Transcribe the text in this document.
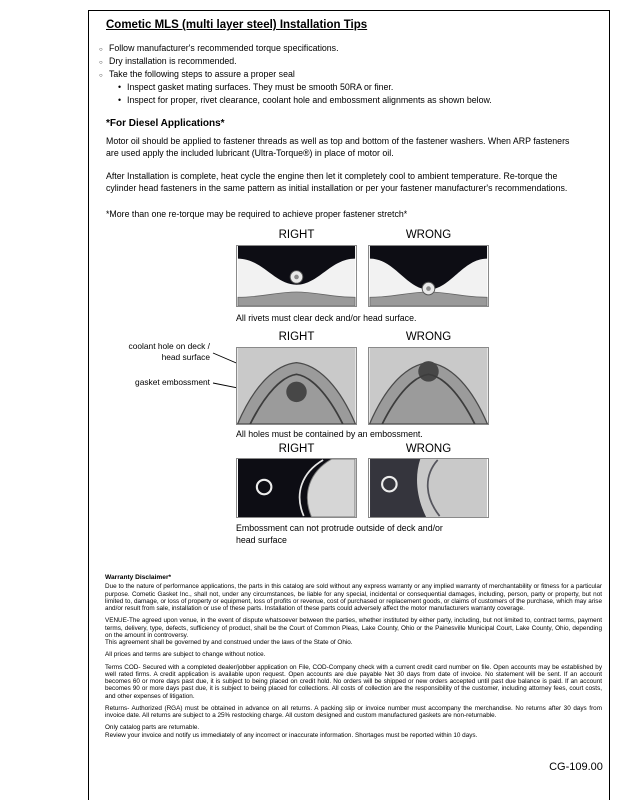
Cometic MLS (multi layer steel) Installation Tips
○ Follow manufacturer's recommended torque specifications.
○ Dry installation is recommended.
○ Take the following steps to assure a proper seal
• Inspect gasket mating surfaces. They must be smooth 50RA or finer.
• Inspect for proper, rivet clearance, coolant hole and embossment alignments as shown below.
*For Diesel Applications*
Motor oil should be applied to fastener threads as well as top and bottom of the fastener washers. When ARP fasteners are used apply the included lubricant (Ultra-Torque®) in place of motor oil.
After Installation is complete, heat cycle the engine then let it completely cool to ambient temperature. Re-torque the cylinder head fasteners in the same pattern as initial installation or per your fastener manufacturer's recommendations.
*More than one re-torque may be required to achieve proper fastener stretch*
RIGHT	WRONG
All rivets must clear deck and/or head surface.
RIGHT	WRONG
coolant hole on deck / head surface
gasket embossment
All holes must be contained by an embossment.
RIGHT	WRONG
Embossment can not protrude outside of deck and/or head surface
Warranty Disclaimer*

Due to the nature of performance applications, the parts in this catalog are sold without any express warranty or any implied warranty of merchantability or fitness for a particular purpose. Cometic Gasket Inc., shall not, under any circumstances, be liable for any special, incidental or consequential damages, including, person, party or property, but not limited to, damage, or loss of property or equipment, loss of profits or revenue, cost of purchased or replacement goods, or claims of customers of the purchase, which may arise and/or result from sale, installation or use of these parts. Installation of these parts could adversely affect the motor manufacturers warranty coverage.

VENUE-The agreed upon venue, in the event of dispute whatsoever between the parties, whether instituted by either party, including, but not limited to, contract terms, payment terms, delivery, type, defects, sufficiency of product, shall be the Court of Common Pleas, Lake County, Ohio or the Painesville Municipal Court, Lake County, Ohio, depending on the amount in controversy.

This agreement shall be governed by and construed under the laws of the State of Ohio.

All prices and terms are subject to change without notice.

Terms COD- Secured with a completed dealer/jobber application on File, COD-Company check with a current credit card number on file. Open accounts may be established by well rated firms. A credit application is available upon request. Open accounts are due payable Net 30 days from date of invoice. No statement will be sent. If an account becomes 60 or more days past due, it is subject to being placed on credit hold. No orders will be shipped or new orders accepted until past due balance is paid. If an account becomes 90 or more days past due, it is subject to being placed for collections. All costs of collection are the responsibility of the customer, including attorney fees, court costs, and other expenses of litigation.

Returns- Authorized (RGA) must be obtained in advance on all returns. A packing slip or invoice number must accompany the merchandise. No returns after 30 days from invoice date. All returns are subject to a 25% restocking charge. All custom designed and custom manufactured gaskets are non-returnable.

Only catalog parts are returnable.

Review your invoice and notify us immediately of any incorrect or inaccurate information. Shortages must be reported within 10 days.

CG-109.00
